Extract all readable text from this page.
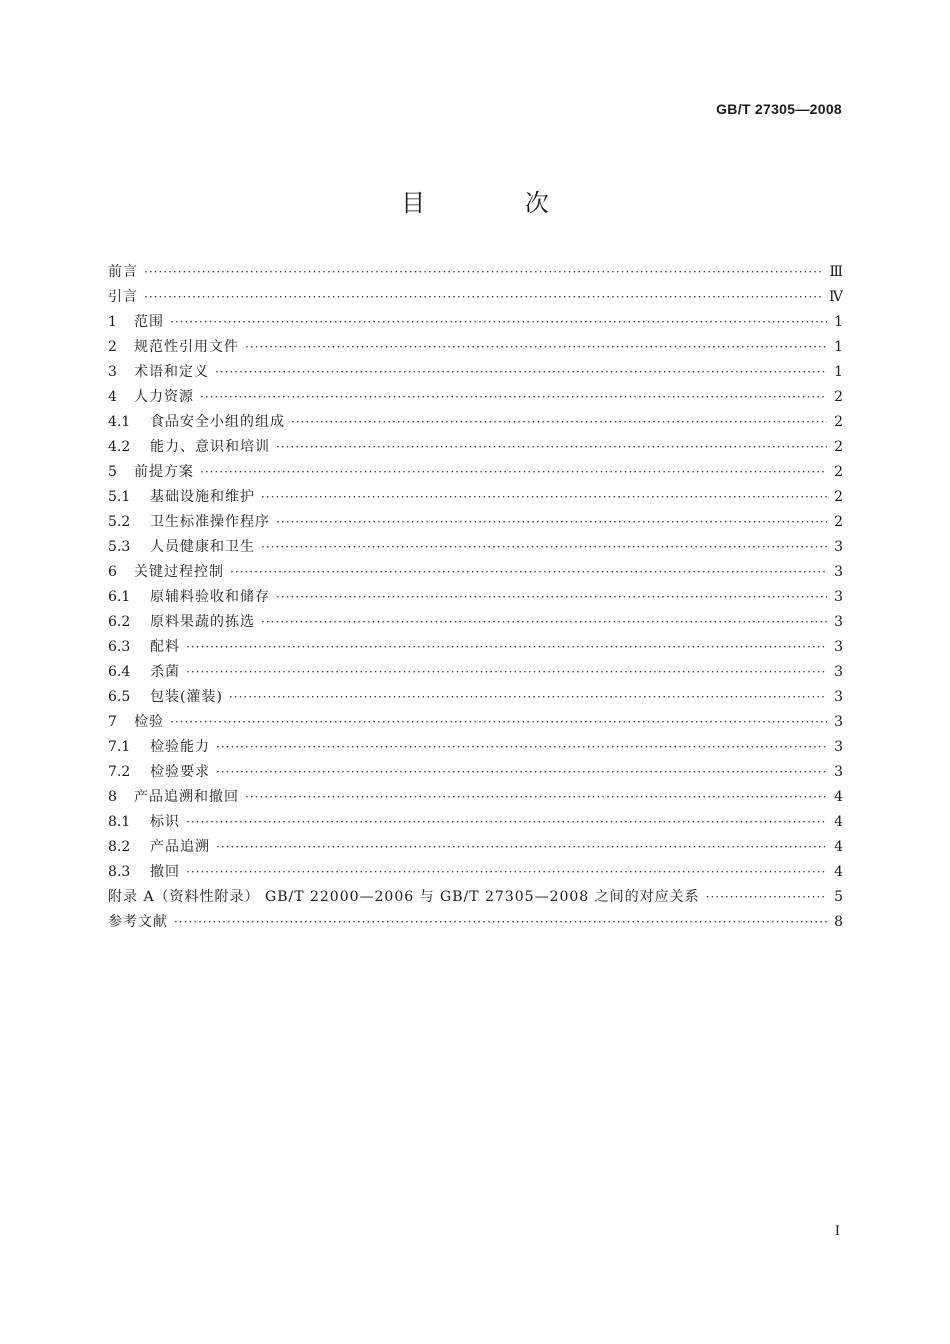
GB/T 27305—2008
目 次
前言 ·····	Ⅲ
引言 ·····	Ⅳ
1	范围 ·····	1
2	规范性引用文件 ·····	1
3	术语和定义 ·····	1
4	人力资源 ·····	2
4.1	食品安全小组的组成 ·····	2
4.2	能力、意识和培训 ·····	2
5	前提方案 ·····	2
5.1	基础设施和维护 ·····	2
5.2	卫生标准操作程序 ·····	2
5.3	人员健康和卫生 ·····	3
6	关键过程控制 ·····	3
6.1	原辅料验收和储存 ·····	3
6.2	原料果蔬的拣选 ·····	3
6.3	配料 ·····	3
6.4	杀菌 ·····	3
6.5	包装(灌装) ·····	3
7	检验 ·····	3
7.1	检验能力 ·····	3
7.2	检验要求 ·····	3
8	产品追溯和撤回 ·····	4
8.1	标识 ·····	4
8.2	产品追溯 ·····	4
8.3	撤回 ·····	4
附录 A（资料性附录） GB/T 22000—2006 与 GB/T 27305—2008 之间的对应关系 ·····	5
参考文献 ·····	8
I
